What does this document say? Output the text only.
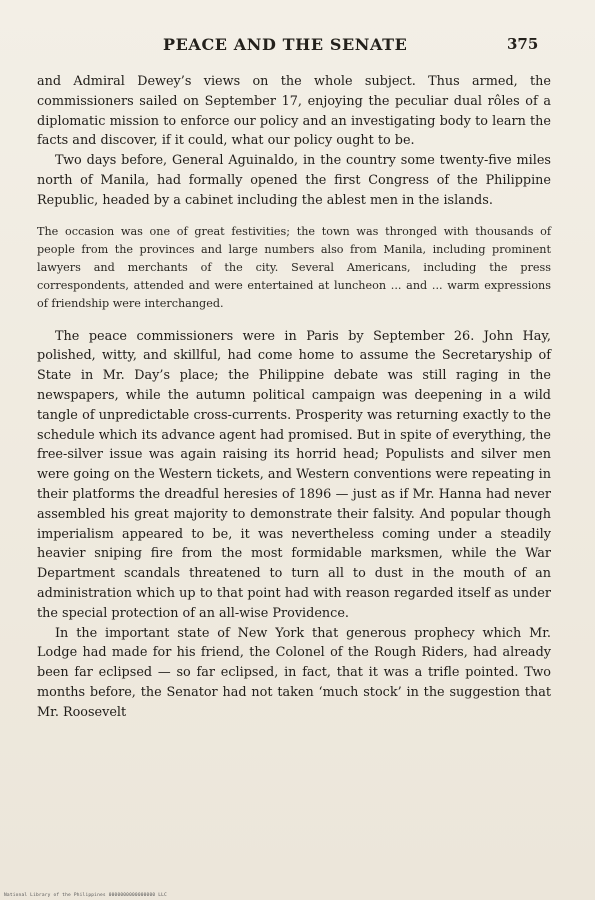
PEACE AND THE SENATE	375

and Admiral Dewey’s views on the whole subject. Thus armed, the commissioners sailed on September 17, enjoying the peculiar dual rôles of a diplomatic mission to enforce our policy and an investigating body to learn the facts and discover, if it could, what our policy ought to be.

Two days before, General Aguinaldo, in the country some twenty-five miles north of Manila, had formally opened the first Congress of the Philippine Republic, headed by a cabinet including the ablest men in the islands.

The occasion was one of great festivities; the town was thronged with thousands of people from the provinces and large numbers also from Manila, including prominent lawyers and merchants of the city. Several Americans, including the press correspondents, attended and were entertained at luncheon ... and ... warm expressions of friendship were interchanged.

The peace commissioners were in Paris by September 26. John Hay, polished, witty, and skillful, had come home to assume the Secretaryship of State in Mr. Day’s place; the Philippine debate was still raging in the newspapers, while the autumn political campaign was deepening in a wild tangle of unpredictable cross-currents. Prosperity was returning exactly to the schedule which its advance agent had promised. But in spite of everything, the free-silver issue was again raising its horrid head; Populists and silver men were going on the Western tickets, and Western conventions were repeating in their platforms the dreadful heresies of 1896 — just as if Mr. Hanna had never assembled his great majority to demonstrate their falsity. And popular though imperialism appeared to be, it was nevertheless coming under a steadily heavier sniping fire from the most formidable marksmen, while the War Department scandals threatened to turn all to dust in the mouth of an administration which up to that point had with reason regarded itself as under the special protection of an all-wise Providence.

In the important state of New York that generous prophecy which Mr. Lodge had made for his friend, the Colonel of the Rough Riders, had already been far eclipsed — so far eclipsed, in fact, that it was a trifle pointed. Two months before, the Senator had not taken ‘much stock’ in the suggestion that Mr. Roosevelt

National Library of the Philippines 0000000000000000 LLC
